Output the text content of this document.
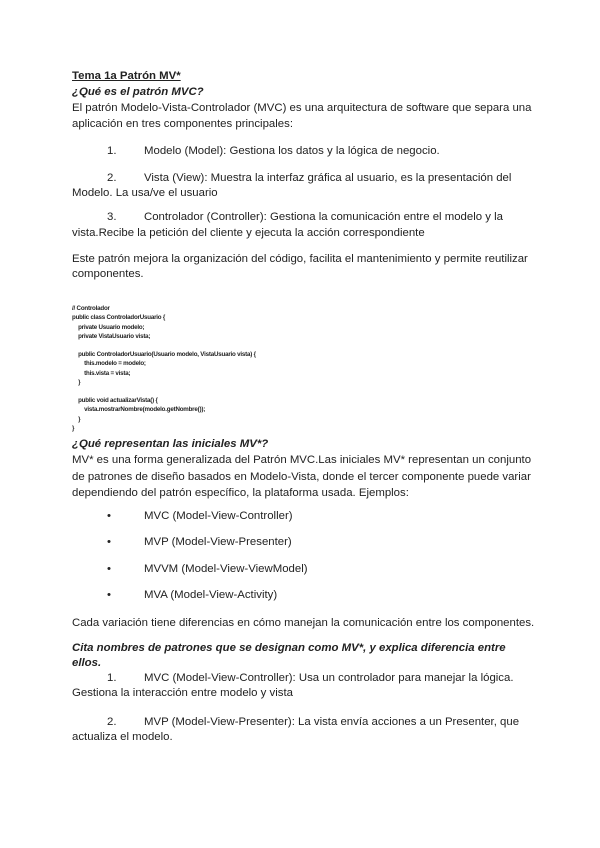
Tema 1a Patrón MV*
¿Qué es el patrón MVC?
El patrón Modelo-Vista-Controlador (MVC) es una arquitectura de software que separa una
aplicación en tres componentes principales:
1. Modelo (Model): Gestiona los datos y la lógica de negocio.
2. Vista (View): Muestra la interfaz gráfica al usuario, es la presentación del
Modelo. La usa/ve el usuario
3. Controlador (Controller): Gestiona la comunicación entre el modelo y la
vista.Recibe la petición del cliente y ejecuta la acción correspondiente
Este patrón mejora la organización del código, facilita el mantenimiento y permite reutilizar
componentes.

// Controlador
public class ControladorUsuario {
private Usuario modelo;
private VistaUsuario vista;
public ControladorUsuario(Usuario modelo, VistaUsuario vista) {
this.modelo = modelo;
this.vista = vista;
}
public void actualizarVista() {
vista.mostrarNombre(modelo.getNombre());
}
}

¿Qué representan las iniciales MV*?
MV* es una forma generalizada del Patrón MVC.Las iniciales MV* representan un conjunto
de patrones de diseño basados en Modelo-Vista, donde el tercer componente puede variar
dependiendo del patrón específico, la plataforma usada. Ejemplos:
•	MVC (Model-View-Controller)
•	MVP (Model-View-Presenter)
•	MVVM (Model-View-ViewModel)
•	MVA (Model-View-Activity)
Cada variación tiene diferencias en cómo manejan la comunicación entre los componentes.
Cita nombres de patrones que se designan como MV*, y explica diferencia entre
ellos.
1. MVC (Model-View-Controller): Usa un controlador para manejar la lógica.
Gestiona la interacción entre modelo y vista
2. MVP (Model-View-Presenter): La vista envía acciones a un Presenter, que
actualiza el modelo.
